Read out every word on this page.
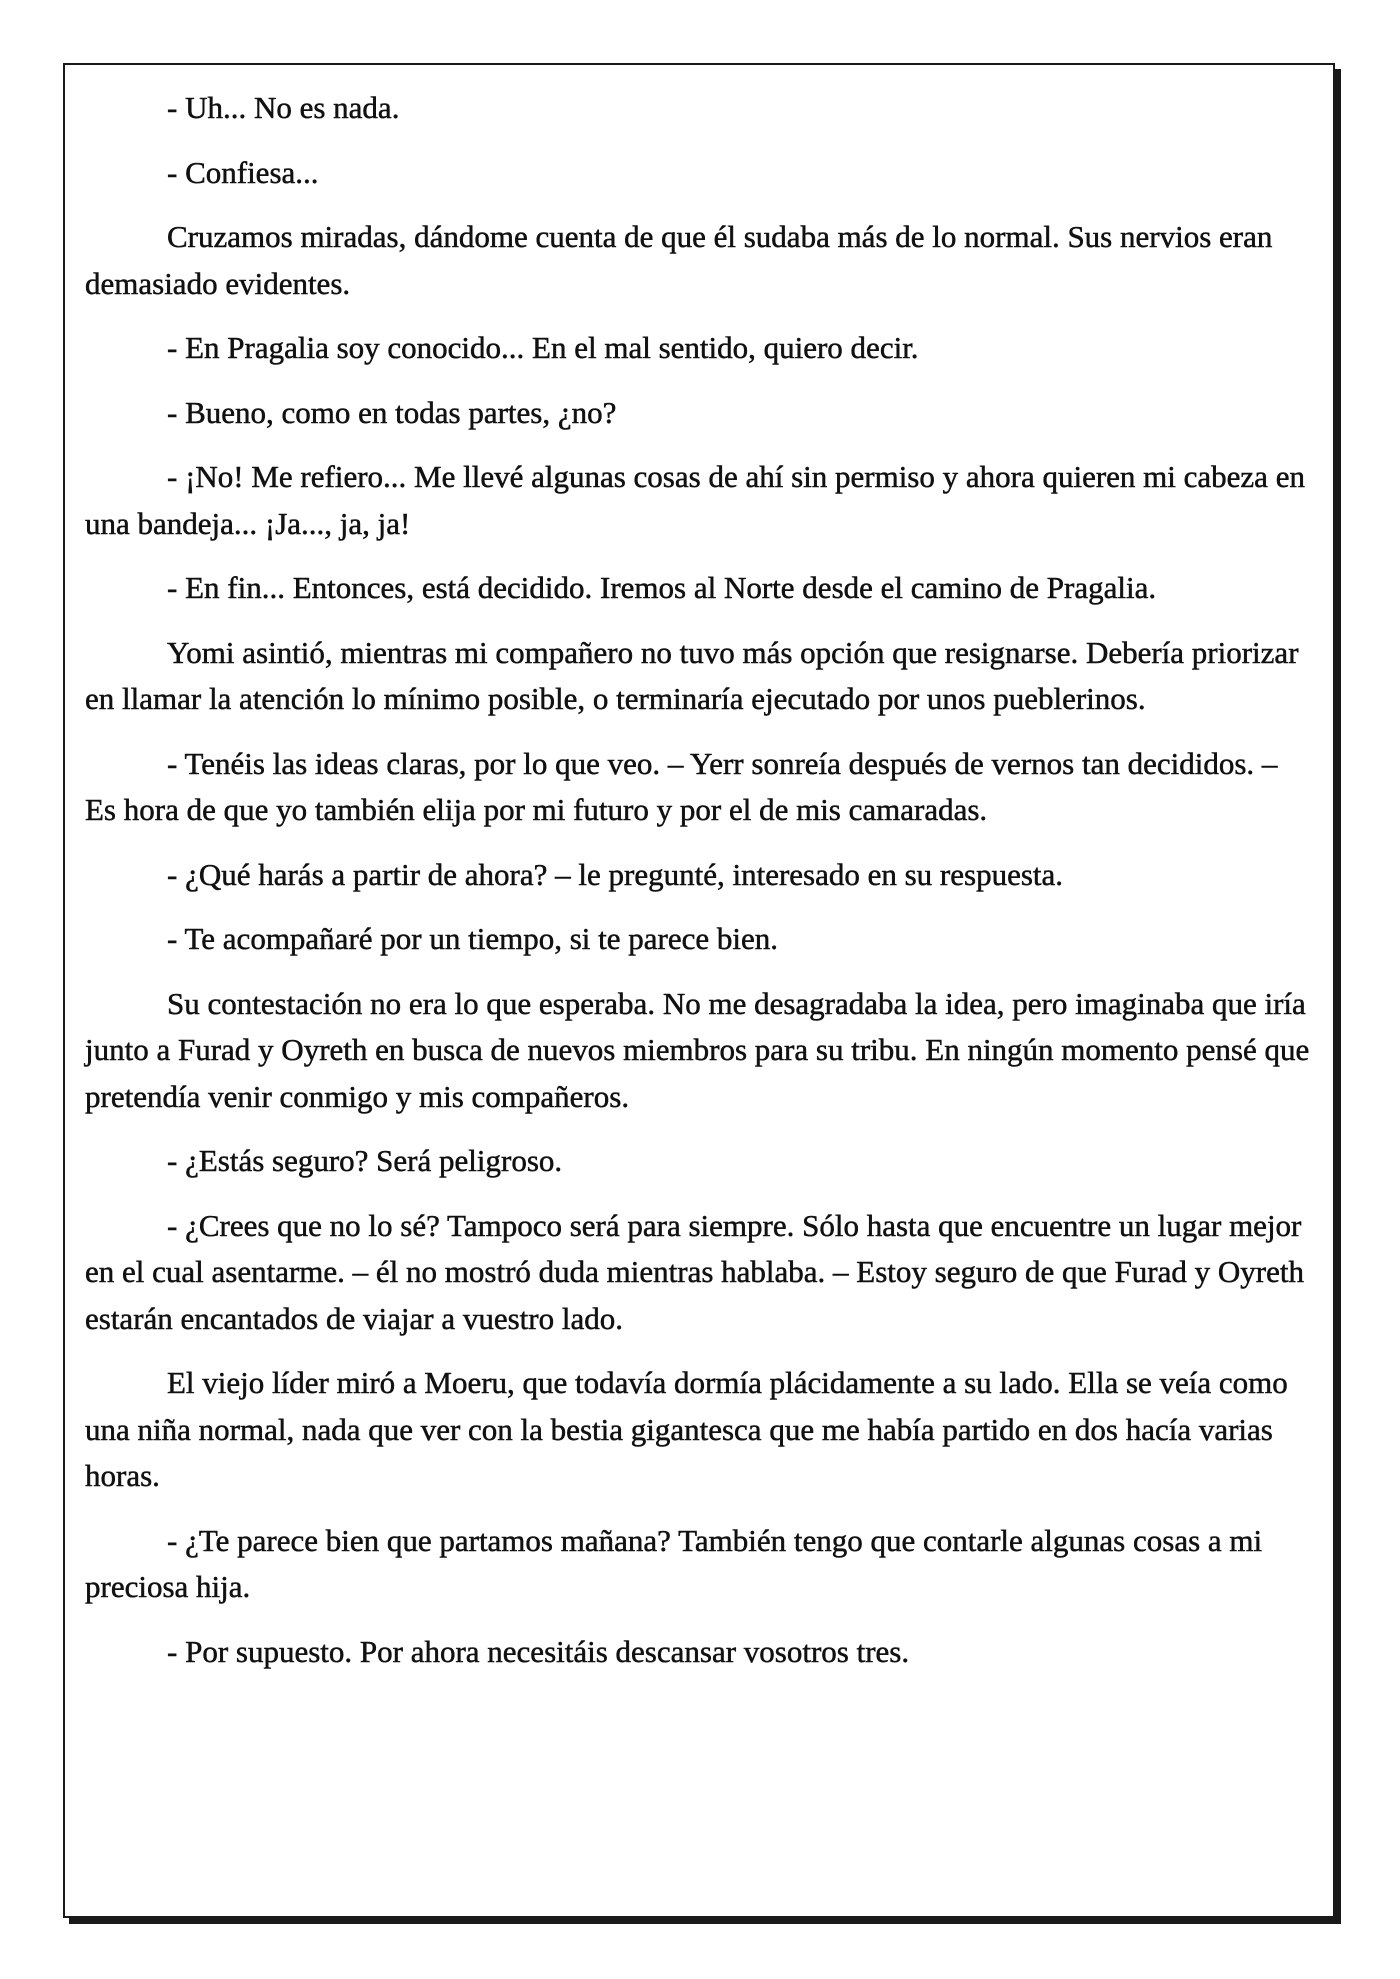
- Uh... No es nada.

- Confiesa...

Cruzamos miradas, dándome cuenta de que él sudaba más de lo normal. Sus nervios eran demasiado evidentes.

- En Pragalia soy conocido... En el mal sentido, quiero decir.

- Bueno, como en todas partes, ¿no?

- ¡No! Me refiero... Me llevé algunas cosas de ahí sin permiso y ahora quieren mi cabeza en una bandeja... ¡Ja..., ja, ja!

- En fin... Entonces, está decidido. Iremos al Norte desde el camino de Pragalia.

Yomi asintió, mientras mi compañero no tuvo más opción que resignarse. Debería priorizar en llamar la atención lo mínimo posible, o terminaría ejecutado por unos pueblerinos.

- Tenéis las ideas claras, por lo que veo. – Yerr sonreía después de vernos tan decididos. – Es hora de que yo también elija por mi futuro y por el de mis camaradas.

- ¿Qué harás a partir de ahora? – le pregunté, interesado en su respuesta.

- Te acompañaré por un tiempo, si te parece bien.

Su contestación no era lo que esperaba. No me desagradaba la idea, pero imaginaba que iría junto a Furad y Oyreth en busca de nuevos miembros para su tribu. En ningún momento pensé que pretendía venir conmigo y mis compañeros.

- ¿Estás seguro? Será peligroso.

- ¿Crees que no lo sé? Tampoco será para siempre. Sólo hasta que encuentre un lugar mejor en el cual asentarme. – él no mostró duda mientras hablaba. – Estoy seguro de que Furad y Oyreth estarán encantados de viajar a vuestro lado.

El viejo líder miró a Moeru, que todavía dormía plácidamente a su lado. Ella se veía como una niña normal, nada que ver con la bestia gigantesca que me había partido en dos hacía varias horas.

- ¿Te parece bien que partamos mañana? También tengo que contarle algunas cosas a mi preciosa hija.

- Por supuesto. Por ahora necesitáis descansar vosotros tres.
